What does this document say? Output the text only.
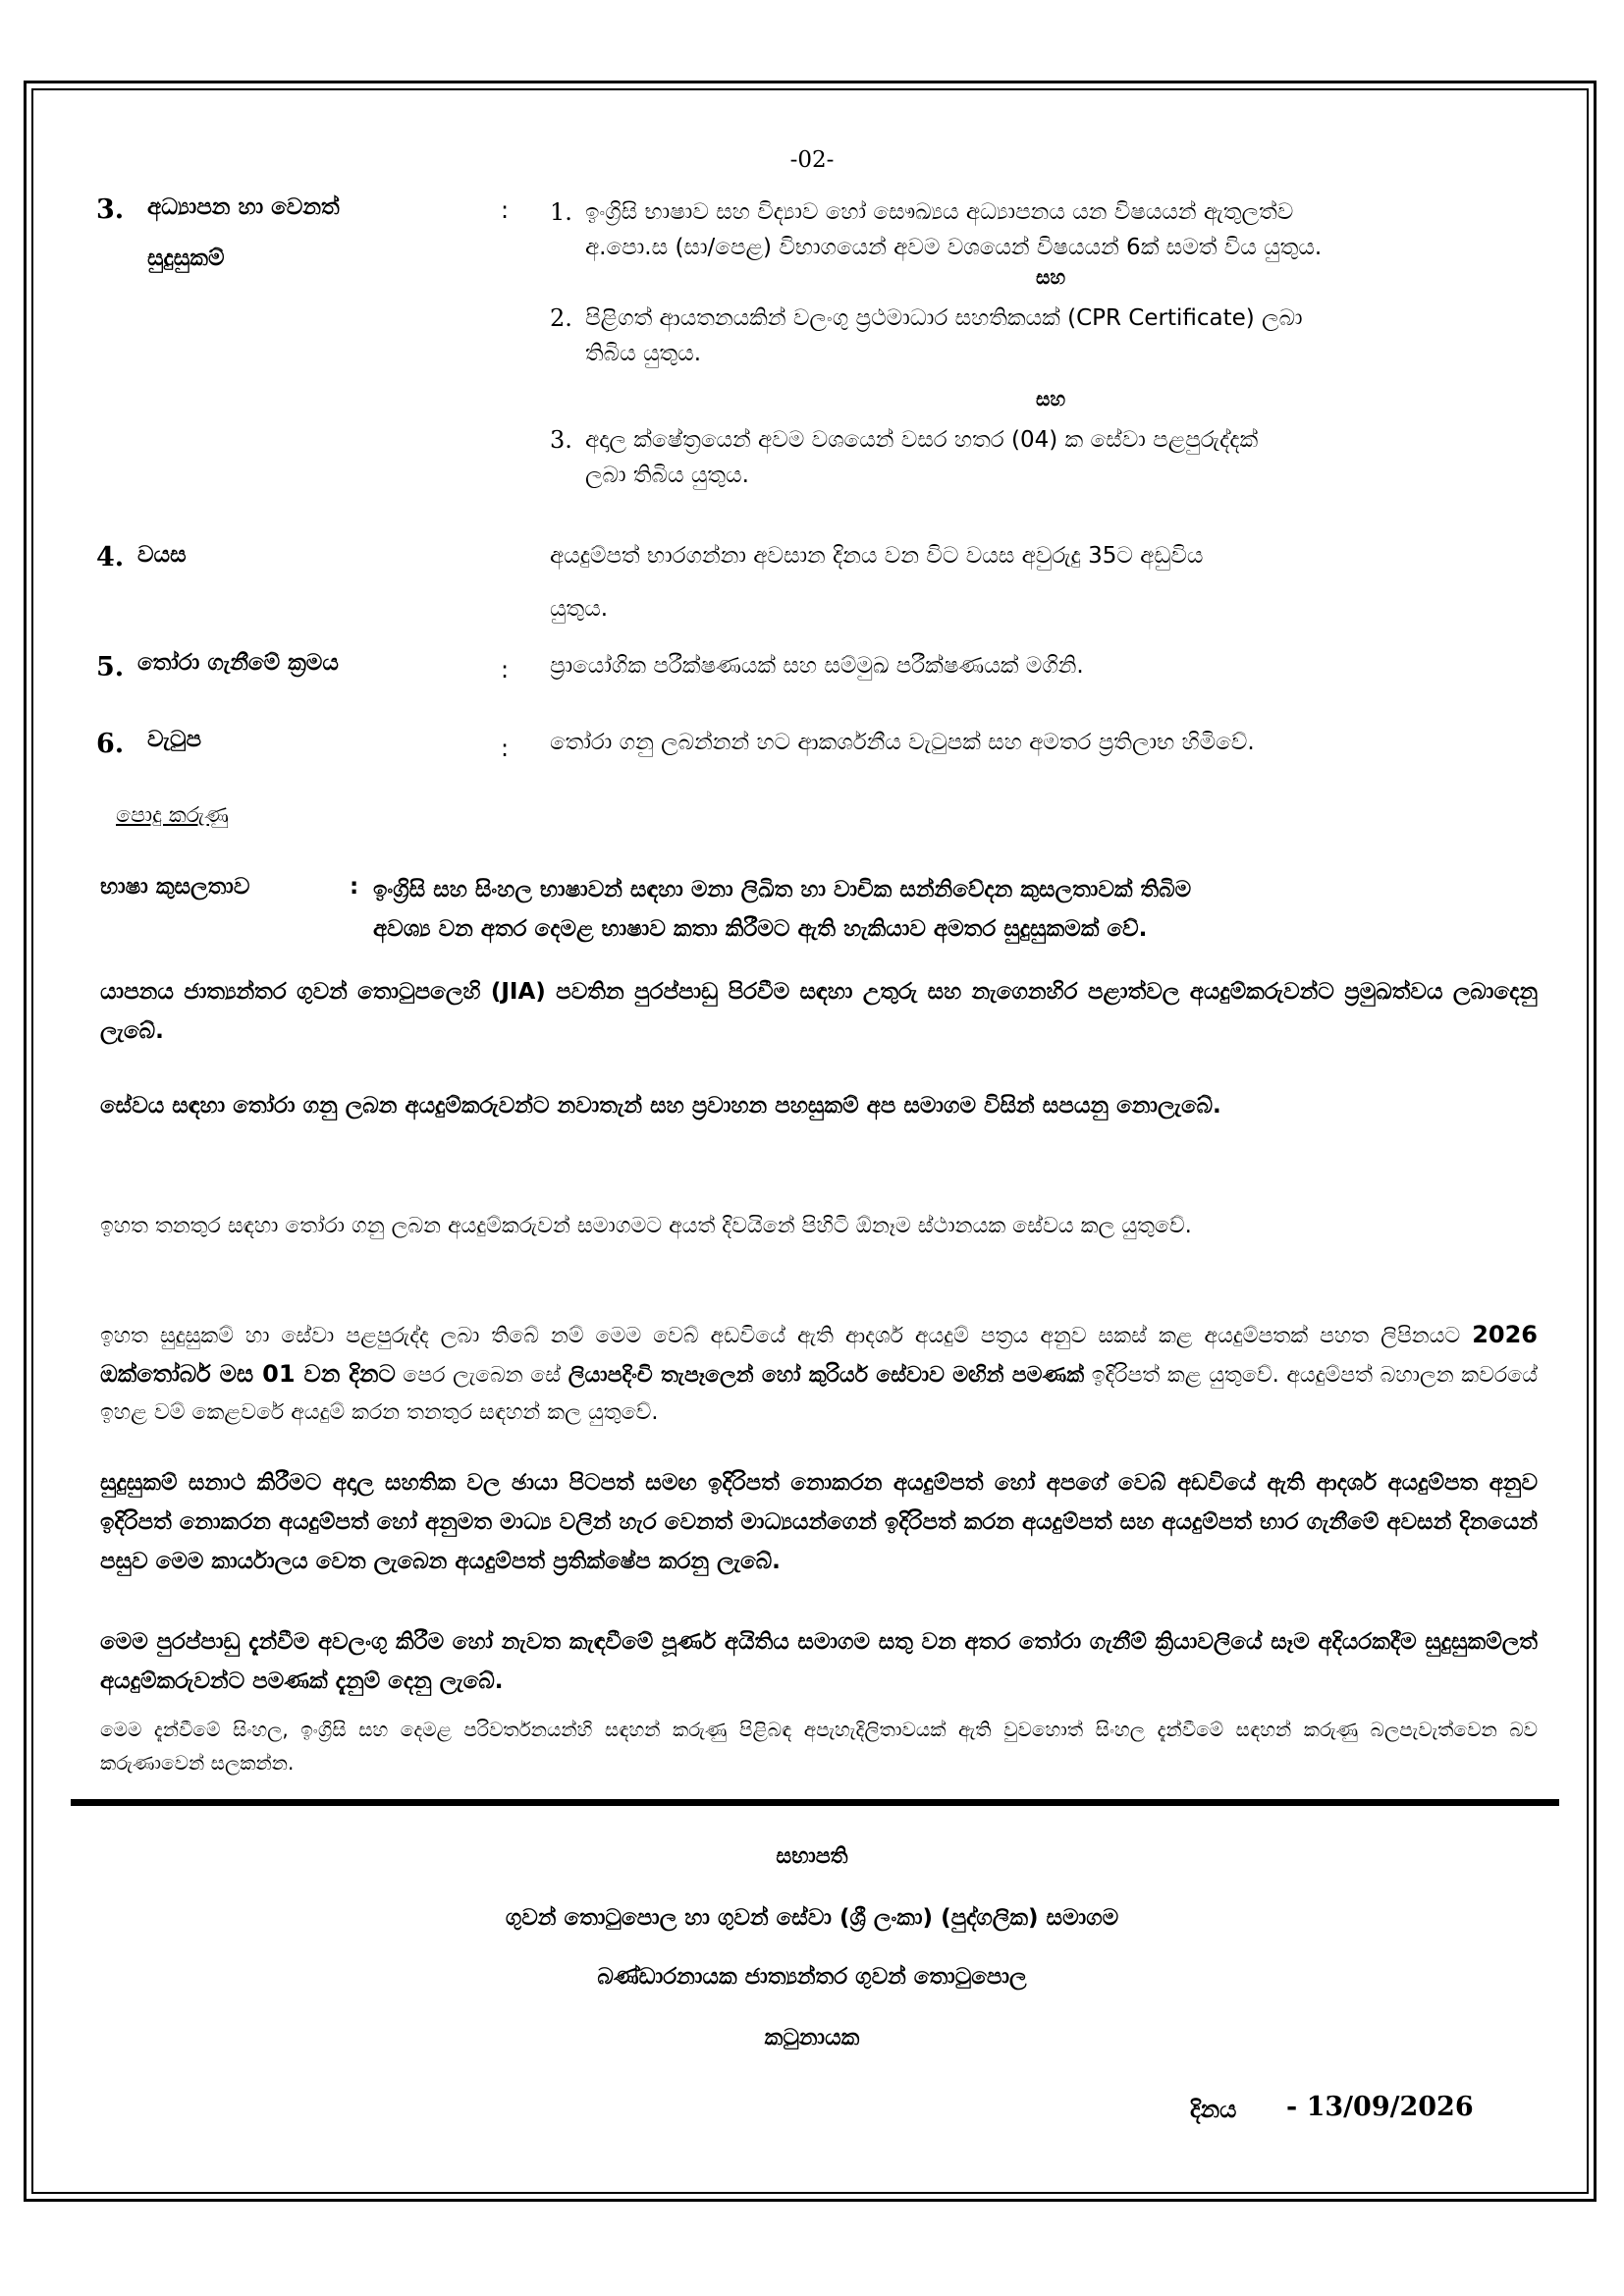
-02-
3. අධ්‍යාපන හා වෙනත්
සුදුසුකම්
: 1. ඉංග්‍රිසි භාෂාව සහ විද්‍යාව හෝ සෞඛ්‍යය අධ්‍යාපනය යන විෂයයන් ඇතුලත්ව
අ.පො.ස (සා/පෙළ) විභාගයෙන් අවම වශයෙන් විෂයයන් 6ක් සමත් විය යුතුය.
සහ
2. පිළිගත් ආයතනයකින් වලංගු ප්‍රථමාධාර සහතිකයක් (CPR Certificate) ලබා
තිබිය යුතුය.
සහ
3. අදාල ක්ෂේත්‍රයෙන් අවම වශයෙන් වසර හතර (04) ක සේවා පළපුරුද්දක්
ලබා තිබිය යුතුය.
4. වයස	අයදුම්පත් භාරගන්නා අවසාන දිනය වන විට වයස අවුරුදු 35ට අඩුවිය
යුතුය.
5. තෝරා ගැනීමේ ක්‍රමය	: ප්‍රායෝගික පරීක්ෂණයක් සහ සම්මුඛ පරීක්ෂණයක් මගිනි.
6. වැටුප	: තෝරා ගනු ලබන්නන් හට ආකර්ශනීය වැටුපක් සහ අමතර ප්‍රතිලාභ හිමිවේ.
පොදු කරුණු
භාෂා කුසලතාව	: ඉංග්‍රිසි සහ සිංහල භාෂාවන් සඳහා මනා ලිඛිත හා වාචික සන්නිවේදන කුසලතාවක් තිබිම
අවශ්‍ය වන අතර දෙමළ භාෂාව කතා කිරීමට ඇති හැකියාව අමතර සුදුසුකමක් වේ.
යාපනය ජාත්‍යන්තර ගුවන් තොටුපලෙහි (JIA) පවතින පුරප්පාඩු පිරවීම සඳහා උතුරු සහ නැගෙනහිර පළාත්වල අයදුම්කරුවන්ට ප්‍රමුඛත්වය ලබාදෙනු ලැබේ.
සේවය සඳහා තෝරා ගනු ලබන අයදුම්කරුවන්ට නවාතැන් සහ ප්‍රවාහන පහසුකම් අප සමාගම විසින් සපයනු නොලැබේ.
ඉහත තනතුර සඳහා තෝරා ගනු ලබන අයදුම්කරුවන් සමාගමට අයත් දිවයිනේ පිහිටි ඕනෑම ස්ථානයක සේවය කල යුතුවේ.
ඉහත සුදුසුකම් හා සේවා පළපුරුද්ද ලබා තිබේ නම් මෙම වෙබ් අඩවියේ ඇති ආදර්ශ අයදුම් පත්‍රය අනුව සකස් කළ අයදුම්පතක් පහත ලිපිනයට 2026 ඔක්තෝබර් මස 01 වන දිනට පෙර ලැබෙන සේ ලියාපදිංචි තැපෑලෙන් හෝ කුරියර් සේවාව මඟින් පමණක් ඉදිරිපත් කළ යුතුවේ. අයදුම්පත් බහාලන කවරයේ ඉහළ වම් කෙළවරේ අයදුම් කරන තනතුර සඳහන් කල යුතුවේ.
සුදුසුකම් සනාථ කිරීමට අදාල සහතික වල ඡායා පිටපත් සමඟ ඉදිරිපත් නොකරන අයදුම්පත් හෝ අපගේ වෙබ් අඩවියේ ඇති ආදර්ශ අයදුම්පත අනුව ඉදිරිපත් නොකරන අයදුම්පත් හෝ අනුමත මාධ්‍ය වලින් හැර වෙනත් මාධ්‍යයන්ගෙන් ඉදිරිපත් කරන අයදුම්පත් සහ අයදුම්පත් භාර ගැනීමේ අවසන් දිනයෙන් පසුව මෙම කාර්යාලය වෙත ලැබෙන අයදුම්පත් ප්‍රතික්ෂේප කරනු ලැබේ.
මෙම පුරප්පාඩු දැන්වීම අවලංගු කිරීම හෝ නැවත කැඳවීමේ පූර්ණ අයිතිය සමාගම සතු වන අතර තෝරා ගැනීම් ක්‍රියාවලියේ සෑම අදියරකදීම සුදුසුකම්ලත් අයදුම්කරුවන්ට පමණක් දැනුම් දෙනු ලැබේ.
මෙම දැන්වීමේ සිංහල, ඉංග්‍රිසි සහ දෙමළ පරිවර්තනයන්හි සඳහන් කරුණු පිළිබඳ අපැහැදිලිතාවයක් ඇති වුවහොත් සිංහල දැන්වීමේ සඳහන් කරුණු බලපැවැත්වෙන බව කරුණාවෙන් සලකන්න.
සභාපති
ගුවන් තොටුපොල හා ගුවන් සේවා (ශ්‍රී ලංකා) (පුද්ගලික) සමාගම
බණ්ඩාරනායක ජාත්‍යන්තර ගුවන් තොටුපොල
කටුනායක
දිනය - 13/09/2026
